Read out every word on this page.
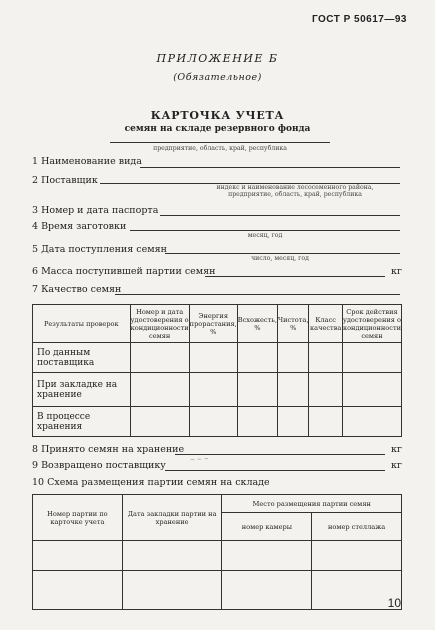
ГОСТ Р 50617—93
ПРИЛОЖЕНИЕ Б
(Обязательное)
КАРТОЧКА УЧЕТА
семян на складе резервного фонда
предприятие, область, край, республика
1 Наименование вида
2 Поставщик
индекс и наименование лесосеменного района, предприятие, область, край, республика
3 Номер и дата паспорта
4 Время заготовки
месяц, год
5 Дата поступления семян
число, месяц, год
6 Масса поступившей партии семян	кг
7 Качество семян
Результаты проверок	Номер и дата удостоверения о кондиционности семян	Энергия прорастания, %	Всхожесть, %	Чистота, %	Класс качества	Срок действия удостоверения о кондиционности семян
По данным поставщика						
При закладке на хранение						
В процессе хранения						
8 Принято семян на хранение	кг
9 Возвращено поставщику
~ ~ ~
кг
10 Схема размещения партии семян на складе
Номер партии по карточке учета	Дата закладки партии на хранение	Место размещения партии семян	
		номер камеры	номер стеллажа

10
